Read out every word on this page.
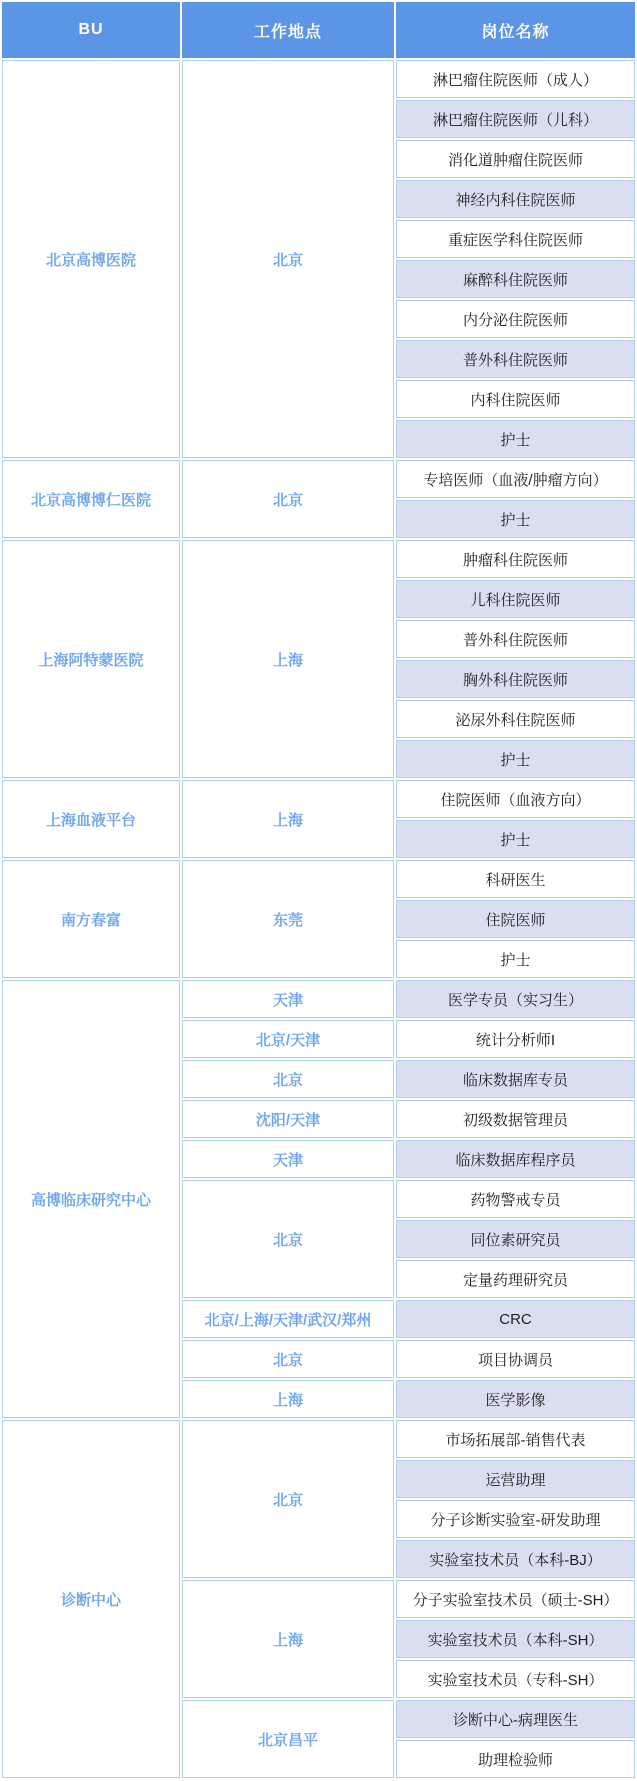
BU	工作地点	岗位名称
北京高博医院	北京	淋巴瘤住院医师（成人）
		淋巴瘤住院医师（儿科）
		消化道肿瘤住院医师
		神经内科住院医师
		重症医学科住院医师
		麻醉科住院医师
		内分泌住院医师
		普外科住院医师
		内科住院医师
		护士
北京高博博仁医院	北京	专培医师（血液/肿瘤方向）
		护士
上海阿特蒙医院	上海	肿瘤科住院医师
		儿科住院医师
		普外科住院医师
		胸外科住院医师
		泌尿外科住院医师
		护士
上海血液平台	上海	住院医师（血液方向）
		护士
南方春富	东莞	科研医生
		住院医师
		护士
高博临床研究中心	天津	医学专员（实习生）
	北京/天津	统计分析师I
	北京	临床数据库专员
	沈阳/天津	初级数据管理员
	天津	临床数据库程序员
	北京	药物警戒专员
		同位素研究员
		定量药理研究员
	北京/上海/天津/武汉/郑州	CRC
	北京	项目协调员
	上海	医学影像
诊断中心	北京	市场拓展部-销售代表
		运营助理
		分子诊断实验室-研发助理
		实验室技术员（本科-BJ）
	上海	分子实验室技术员（硕士-SH）
		实验室技术员（本科-SH）
		实验室技术员（专科-SH）
	北京昌平	诊断中心-病理医生
		助理检验师
